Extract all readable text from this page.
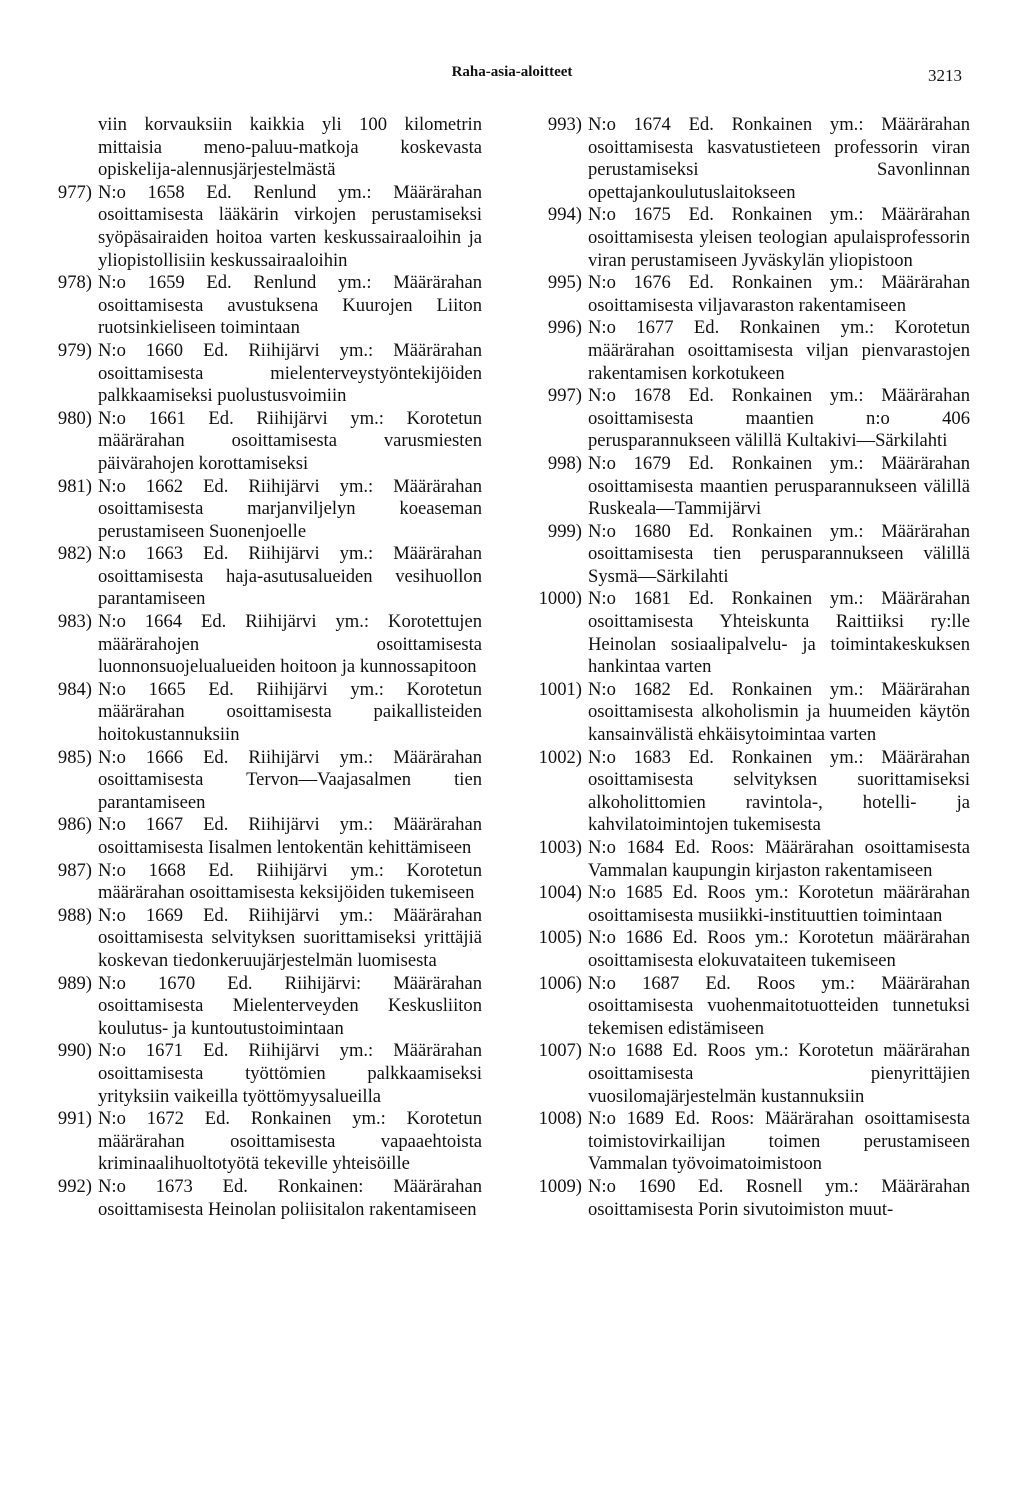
Raha-asia-aloitteet	3213
viin korvauksiin kaikkia yli 100 kilometrin mittaisia meno-paluu-matkoja koskevasta opiskelija-alennusjärjestelmästä
977) N:o 1658 Ed. Renlund ym.: Määrärahan osoittamisesta lääkärin virkojen perustamiseksi syöpäsairaiden hoitoa varten keskussairaaloihin ja yliopistollisiin keskussairaaloihin
978) N:o 1659 Ed. Renlund ym.: Määrärahan osoittamisesta avustuksena Kuurojen Liiton ruotsinkieliseen toimintaan
979) N:o 1660 Ed. Riihijärvi ym.: Määrärahan osoittamisesta mielenterveystyöntekijöiden palkkaamiseksi puolustusvoimiin
980) N:o 1661 Ed. Riihijärvi ym.: Korotetun määrärahan osoittamisesta varusmiesten päivärahojen korottamiseksi
981) N:o 1662 Ed. Riihijärvi ym.: Määrärahan osoittamisesta marjanviljelyn koeaseman perustamiseen Suonenjoelle
982) N:o 1663 Ed. Riihijärvi ym.: Määrärahan osoittamisesta haja-asutusalueiden vesihuollon parantamiseen
983) N:o 1664 Ed. Riihijärvi ym.: Korotettujen määrärahojen osoittamisesta luonnonsuojelualueiden hoitoon ja kunnossapitoon
984) N:o 1665 Ed. Riihijärvi ym.: Korotetun määrärahan osoittamisesta paikallisteiden hoitokustannuksiin
985) N:o 1666 Ed. Riihijärvi ym.: Määrärahan osoittamisesta Tervon—Vaajasalmen tien parantamiseen
986) N:o 1667 Ed. Riihijärvi ym.: Määrärahan osoittamisesta Iisalmen lentokentän kehittämiseen
987) N:o 1668 Ed. Riihijärvi ym.: Korotetun määrärahan osoittamisesta keksijöiden tukemiseen
988) N:o 1669 Ed. Riihijärvi ym.: Määrärahan osoittamisesta selvityksen suorittamiseksi yrittäjiä koskevan tiedonkeruujärjestelmän luomisesta
989) N:o 1670 Ed. Riihijärvi: Määrärahan osoittamisesta Mielenterveyden Keskusliiton koulutus- ja kuntoutustoimintaan
990) N:o 1671 Ed. Riihijärvi ym.: Määrärahan osoittamisesta työttömien palkkaamiseksi yrityksiin vaikeilla työttömyysalueilla
991) N:o 1672 Ed. Ronkainen ym.: Korotetun määrärahan osoittamisesta vapaaehtoista kriminaalihuoltotyötä tekeville yhteisöille
992) N:o 1673 Ed. Ronkainen: Määrärahan osoittamisesta Heinolan poliisitalon rakentamiseen
993) N:o 1674 Ed. Ronkainen ym.: Määrärahan osoittamisesta kasvatustieteen professorin viran perustamiseksi Savonlinnan opettajankoulutuslaitokseen
994) N:o 1675 Ed. Ronkainen ym.: Määrärahan osoittamisesta yleisen teologian apulaisprofessorin viran perustamiseen Jyväskylän yliopistoon
995) N:o 1676 Ed. Ronkainen ym.: Määrärahan osoittamisesta viljavaraston rakentamiseen
996) N:o 1677 Ed. Ronkainen ym.: Korotetun määrärahan osoittamisesta viljan pienvarastojen rakentamisen korkotukeen
997) N:o 1678 Ed. Ronkainen ym.: Määrärahan osoittamisesta maantien n:o 406 perusparannukseen välillä Kultakivi—Särkilahti
998) N:o 1679 Ed. Ronkainen ym.: Määrärahan osoittamisesta maantien perusparannukseen välillä Ruskeala—Tammijärvi
999) N:o 1680 Ed. Ronkainen ym.: Määrärahan osoittamisesta tien perusparannukseen välillä Sysmä—Särkilahti
1000) N:o 1681 Ed. Ronkainen ym.: Määrärahan osoittamisesta Yhteiskunta Raittiiksi ry:lle Heinolan sosiaalipalvelu- ja toimintakeskuksen hankintaa varten
1001) N:o 1682 Ed. Ronkainen ym.: Määrärahan osoittamisesta alkoholismin ja huumeiden käytön kansainvälistä ehkäisytoimintaa varten
1002) N:o 1683 Ed. Ronkainen ym.: Määrärahan osoittamisesta selvityksen suorittamiseksi alkoholittomien ravintola-, hotelli- ja kahvilatoimintojen tukemisesta
1003) N:o 1684 Ed. Roos: Määrärahan osoittamisesta Vammalan kaupungin kirjaston rakentamiseen
1004) N:o 1685 Ed. Roos ym.: Korotetun määrärahan osoittamisesta musiikki-instituuttien toimintaan
1005) N:o 1686 Ed. Roos ym.: Korotetun määrärahan osoittamisesta elokuvataiteen tukemiseen
1006) N:o 1687 Ed. Roos ym.: Määrärahan osoittamisesta vuohenmaitotuotteiden tunnetuksi tekemisen edistämiseen
1007) N:o 1688 Ed. Roos ym.: Korotetun määrärahan osoittamisesta pienyrittäjien vuosilomajärjestelmän kustannuksiin
1008) N:o 1689 Ed. Roos: Määrärahan osoittamisesta toimistovirkailijan toimen perustamiseen Vammalan työvoimatoimistoon
1009) N:o 1690 Ed. Rosnell ym.: Määrärahan osoittamisesta Porin sivutoimiston muut-
